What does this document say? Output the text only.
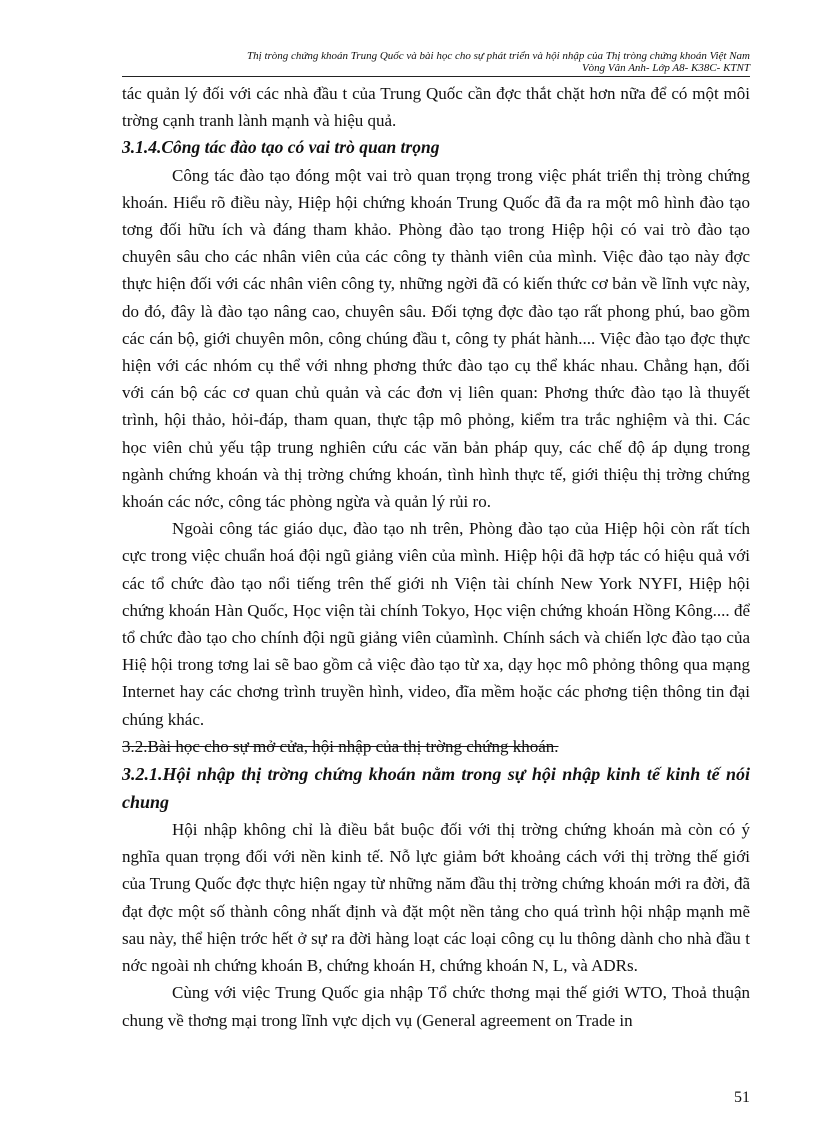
Thị tròng chứng khoán Trung Quốc và bài học cho sự phát triển và hội nhập của Thị tròng chứng khoán Việt Nam
Vòng Vân Anh- Lớp A8- K38C- KTNT

tác quản lý đối với các nhà đầu t của Trung Quốc cần đợc thắt chặt hơn nữa để có một môi trờng cạnh tranh lành mạnh và hiệu quả.

3.1.4.Công tác đào tạo có vai trò quan trọng

Công tác đào tạo đóng một vai trò quan trọng trong việc phát triển thị tròng chứng khoán. Hiểu rõ điều này, Hiệp hội chứng khoán Trung Quốc đã đa ra một mô hình đào tạo tơng đối hữu ích và đáng tham khảo. Phòng đào tạo trong Hiệp hội có vai trò đào tạo chuyên sâu cho các nhân viên của các công ty thành viên của mình. Việc đào tạo này đợc thực hiện đối với các nhân viên công ty, những ngời đã có kiến thức cơ bản về lĩnh vực này, do đó, đây là đào tạo nâng cao, chuyên sâu. Đối tợng đợc đào tạo rất phong phú, bao gồm các cán bộ, giới chuyên môn, công chúng đầu t, công ty phát hành.... Việc đào tạo đợc thực hiện với các nhóm cụ thể với nhng phơng thức đào tạo cụ thể khác nhau. Chẳng hạn, đối với cán bộ các cơ quan chủ quản và các đơn vị liên quan: Phơng thức đào tạo là thuyết trình, hội thảo, hỏi-đáp, tham quan, thực tập mô phỏng, kiểm tra trắc nghiệm và thi. Các học viên chủ yếu tập trung nghiên cứu các văn bản pháp quy, các chế độ áp dụng trong ngành chứng khoán và thị trờng chứng khoán, tình hình thực tế, giới thiệu thị trờng chứng khoán các nớc, công tác phòng ngừa và quản lý rủi ro.

Ngoài công tác giáo dục, đào tạo nh trên, Phòng đào tạo của Hiệp hội còn rất tích cực trong việc chuẩn hoá đội ngũ giảng viên của mình. Hiệp hội đã hợp tác có hiệu quả với các tổ chức đào tạo nổi tiếng trên thế giới nh Viện tài chính New York NYFI, Hiệp hội chứng khoán Hàn Quốc, Học viện tài chính Tokyo, Học viện chứng khoán Hồng Kông.... để tổ chức đào tạo cho chính đội ngũ giảng viên củamình. Chính sách và chiến lợc đào tạo của Hiệ hội trong tơng lai sẽ bao gồm cả việc đào tạo từ xa, dạy học mô phỏng thông qua mạng Internet hay các chơng trình truyền hình, video, đĩa mềm hoặc các phơng tiện thông tin đại chúng khác.

3.2.Bài học cho sự mở cửa, hội nhập của thị trờng chứng khoán.

3.2.1.Hội nhập thị trờng chứng khoán nằm trong sự hội nhập kinh tế kinh tế nói chung

Hội nhập không chỉ là điều bắt buộc đối với thị trờng chứng khoán mà còn có ý nghĩa quan trọng đối với nền kinh tế. Nỗ lực giảm bớt khoảng cách với thị trờng thế giới của Trung Quốc đợc thực hiện ngay từ những năm đầu thị trờng chứng khoán mới ra đời, đã đạt đợc một số thành công nhất định và đặt một nền tảng cho quá trình hội nhập mạnh mẽ sau này, thể hiện trớc hết ở sự ra đời hàng loạt các loại công cụ lu thông dành cho nhà đầu t nớc ngoài nh chứng khoán B, chứng khoán H, chứng khoán N, L, và ADRs.

Cùng với việc Trung Quốc gia nhập Tổ chức thơng mại thế giới WTO, Thoả thuận chung về thơng mại trong lĩnh vực dịch vụ (General agreement on Trade in

51
